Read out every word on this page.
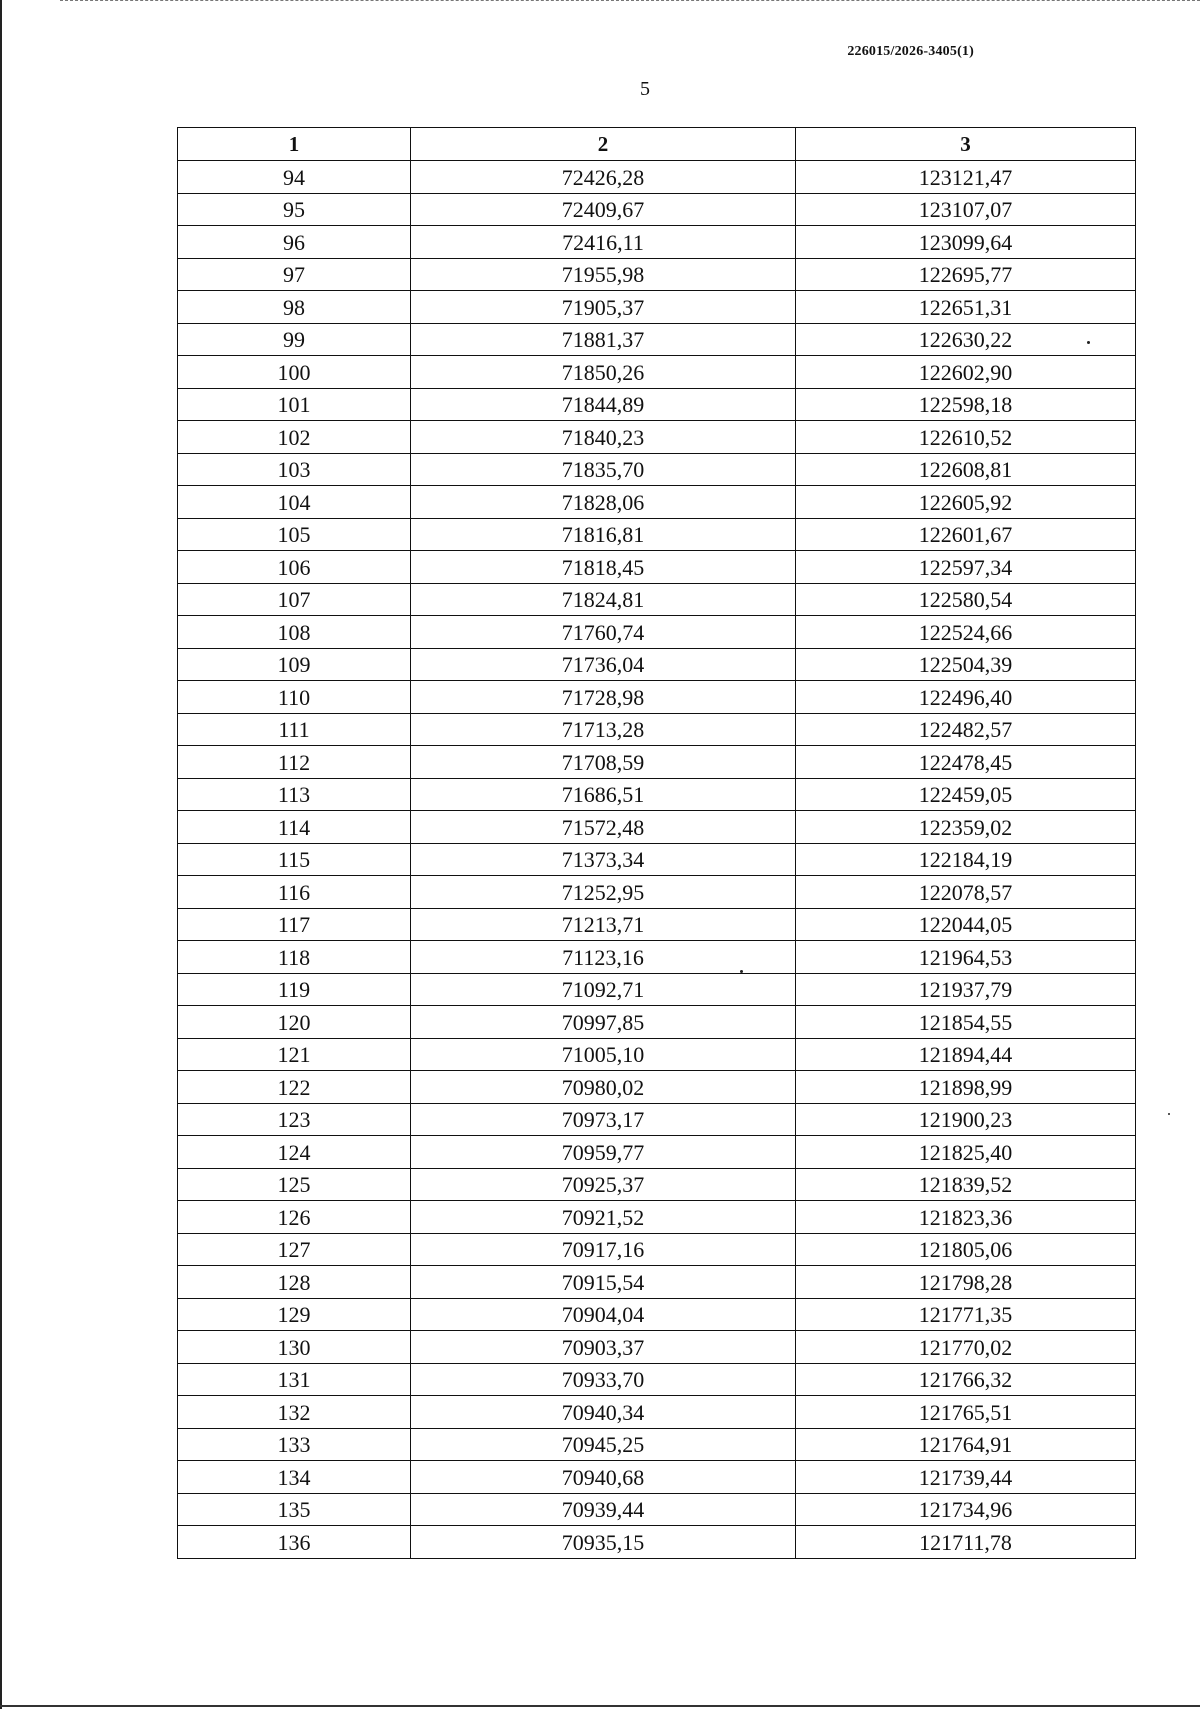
226015/2026-3405(1)
5
1	2	3
94	72426,28	123121,47
95	72409,67	123107,07
96	72416,11	123099,64
97	71955,98	122695,77
98	71905,37	122651,31
99	71881,37	122630,22
100	71850,26	122602,90
101	71844,89	122598,18
102	71840,23	122610,52
103	71835,70	122608,81
104	71828,06	122605,92
105	71816,81	122601,67
106	71818,45	122597,34
107	71824,81	122580,54
108	71760,74	122524,66
109	71736,04	122504,39
110	71728,98	122496,40
111	71713,28	122482,57
112	71708,59	122478,45
113	71686,51	122459,05
114	71572,48	122359,02
115	71373,34	122184,19
116	71252,95	122078,57
117	71213,71	122044,05
118	71123,16	121964,53
119	71092,71	121937,79
120	70997,85	121854,55
121	71005,10	121894,44
122	70980,02	121898,99
123	70973,17	121900,23
124	70959,77	121825,40
125	70925,37	121839,52
126	70921,52	121823,36
127	70917,16	121805,06
128	70915,54	121798,28
129	70904,04	121771,35
130	70903,37	121770,02
131	70933,70	121766,32
132	70940,34	121765,51
133	70945,25	121764,91
134	70940,68	121739,44
135	70939,44	121734,96
136	70935,15	121711,78
